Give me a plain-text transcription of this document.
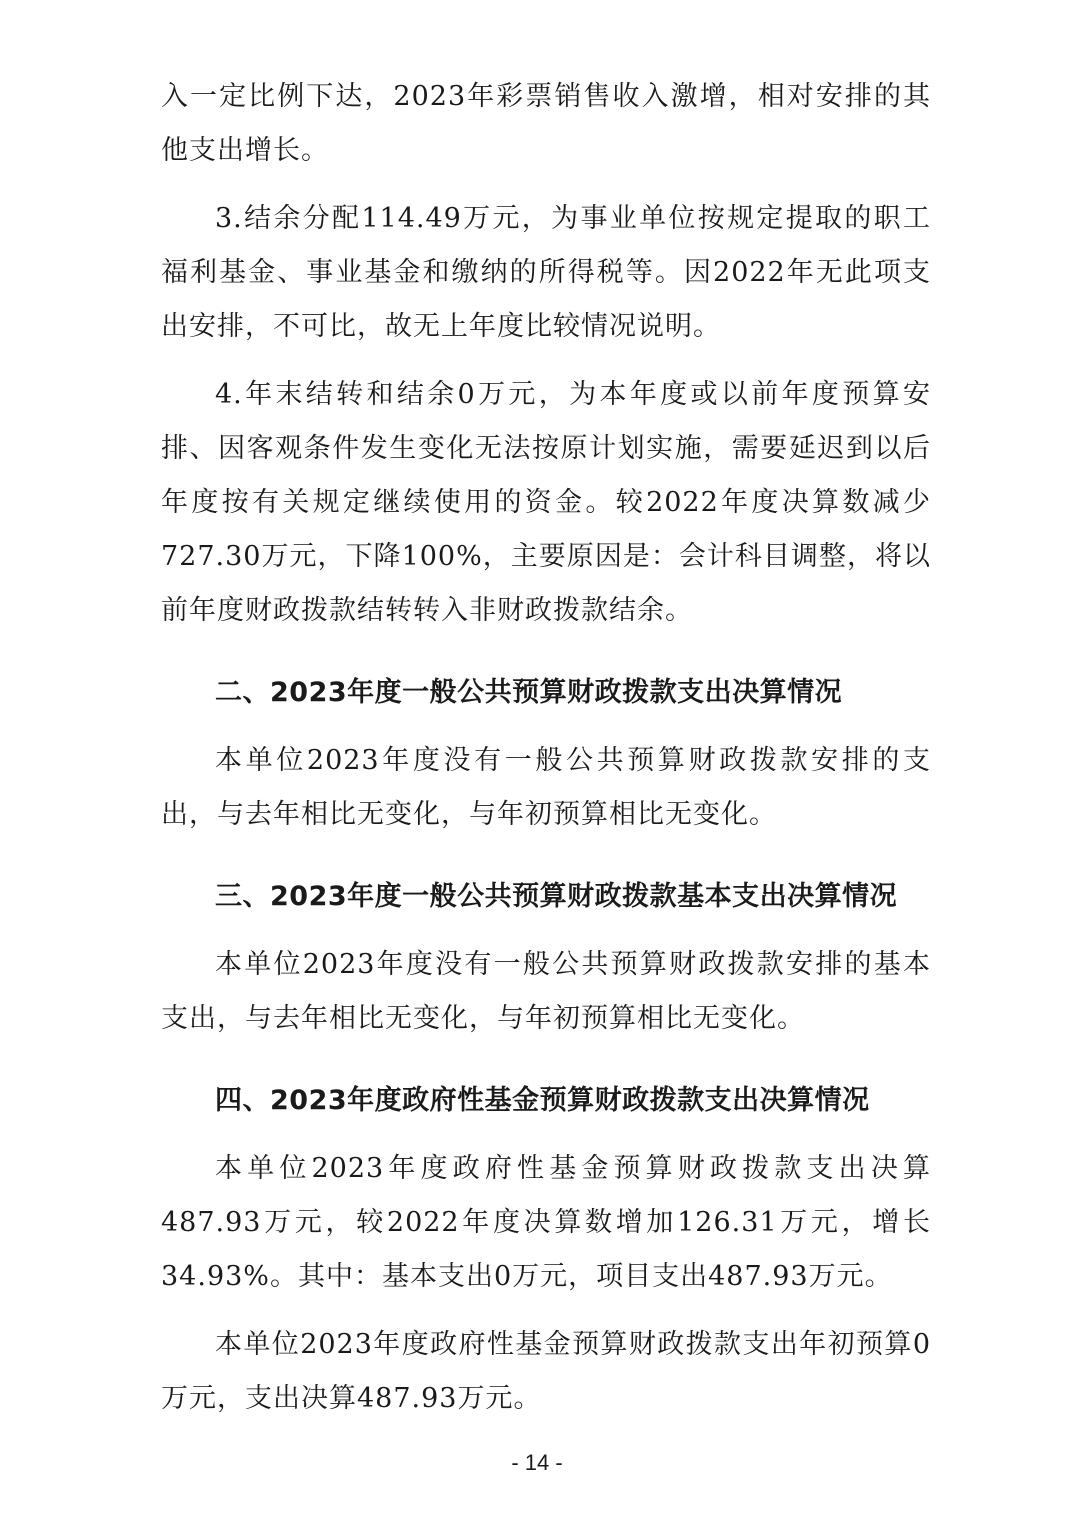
入一定比例下达，2023年彩票销售收入激增，相对安排的其他支出增长。

3.结余分配114.49万元，为事业单位按规定提取的职工福利基金、事业基金和缴纳的所得税等。因2022年无此项支出安排，不可比，故无上年度比较情况说明。

4.年末结转和结余0万元，为本年度或以前年度预算安排、因客观条件发生变化无法按原计划实施，需要延迟到以后年度按有关规定继续使用的资金。较2022年度决算数减少727.30万元，下降100%，主要原因是：会计科目调整，将以前年度财政拨款结转转入非财政拨款结余。

二、2023年度一般公共预算财政拨款支出决算情况

本单位2023年度没有一般公共预算财政拨款安排的支出，与去年相比无变化，与年初预算相比无变化。

三、2023年度一般公共预算财政拨款基本支出决算情况

本单位2023年度没有一般公共预算财政拨款安排的基本支出，与去年相比无变化，与年初预算相比无变化。

四、2023年度政府性基金预算财政拨款支出决算情况

本单位2023年度政府性基金预算财政拨款支出决算487.93万元，较2022年度决算数增加126.31万元，增长34.93%。其中：基本支出0万元，项目支出487.93万元。

本单位2023年度政府性基金预算财政拨款支出年初预算0万元，支出决算487.93万元。

- 14 -
